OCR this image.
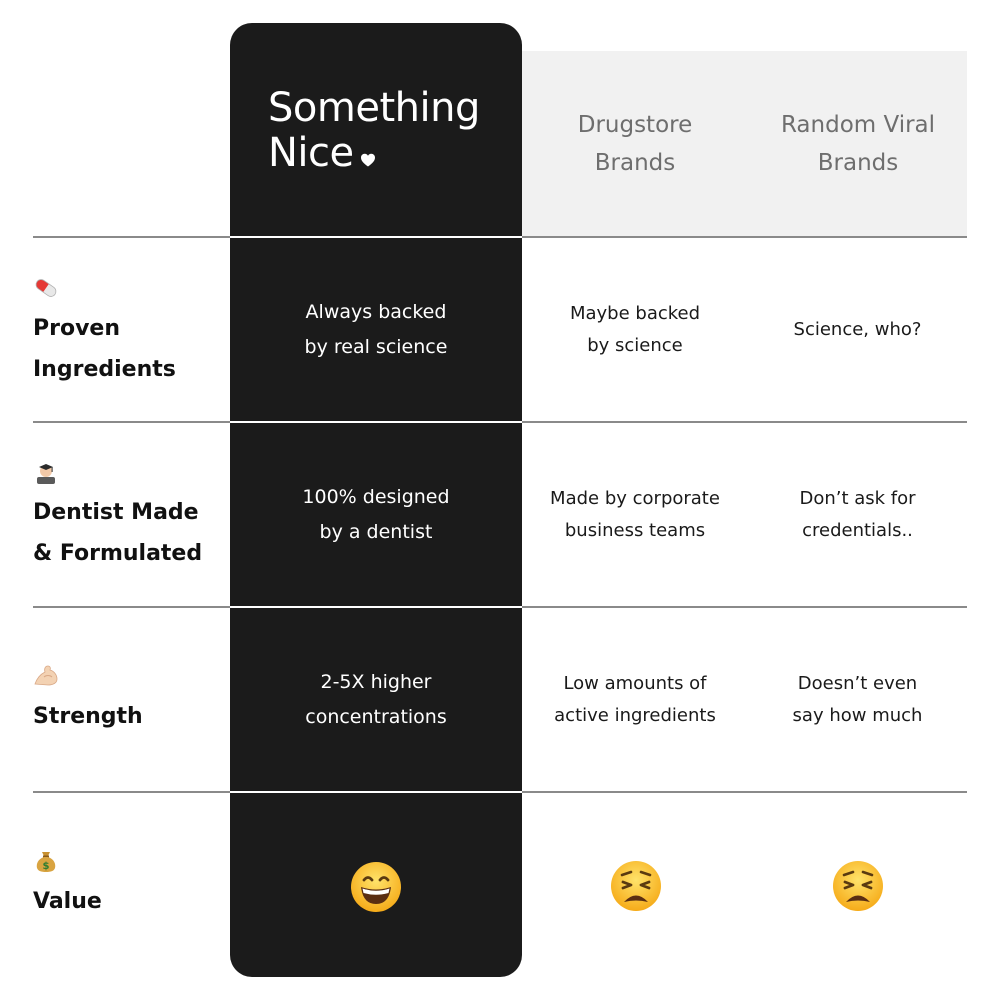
Something
Nice
Drugstore
Brands
Random Viral
Brands
Proven
Ingredients
Always backed
by real science
Maybe backed
by science
Science, who?
Dentist Made
& Formulated
100% designed
by a dentist
Made by corporate
business teams
Don’t ask for
credentials..
Strength
2-5X higher
concentrations
Low amounts of
active ingredients
Doesn’t even
say how much
$
Value
